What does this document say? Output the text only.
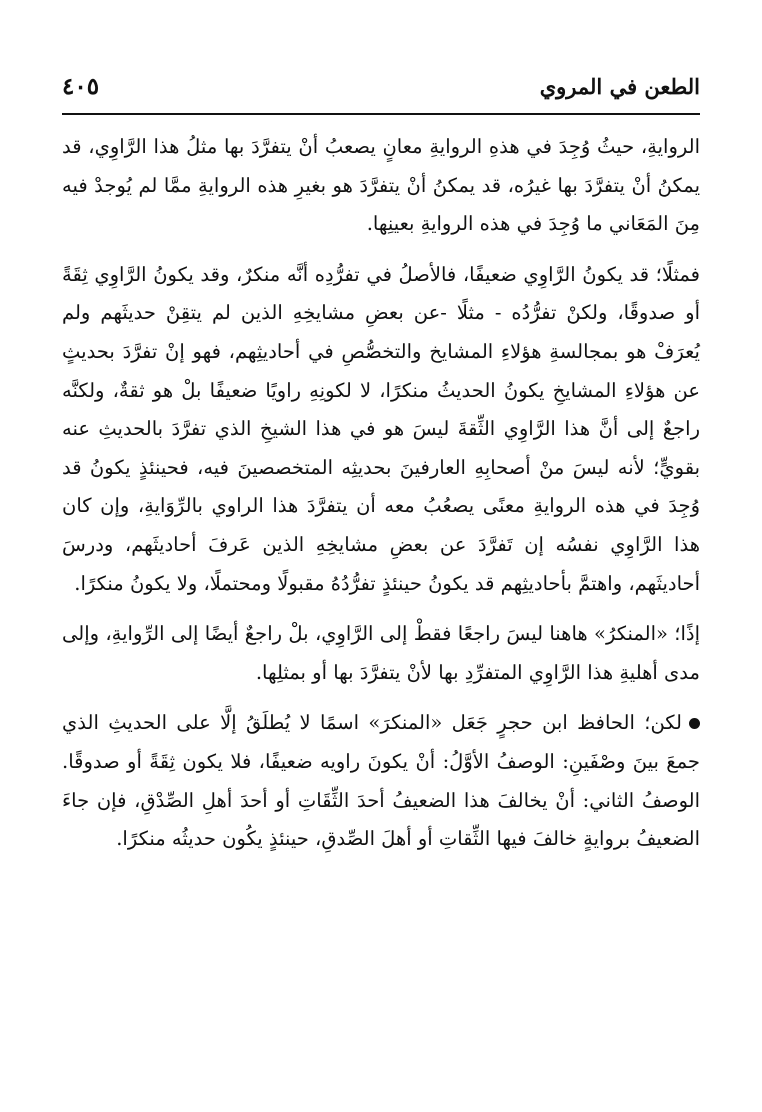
الطعن في المروي
٤٠٥

الروايةِ، حيثُ وُجِدَ في هذهِ الروايةِ معانٍ يصعبُ أنْ يتفرَّدَ بها مثلُ هذا الرَّاوِي، قد يمكنُ أنْ يتفرَّدَ بها غيرُه، قد يمكنُ أنْ يتفرَّدَ هو بغيرِ هذه الروايةِ ممَّا لم يُوجدْ فيه مِنَ المَعَاني ما وُجِدَ في هذه الروايةِ بعينِها.

فمثلًا؛ قد يكونُ الرَّاوِي ضعيفًا، فالأصلُ في تفرُّدِه أنَّه منكرٌ، وقد يكونُ الرَّاوِي ثِقَةً أو صدوقًا، ولكنْ تفرُّدُه - مثلًا -عن بعضِ مشايخِهِ الذين لم يتقِنْ حديثَهم ولم يُعرَفْ هو بمجالسةِ هؤلاءِ المشايخ والتخصُّصِ في أحاديثِهم، فهو إنْ تفرَّدَ بحديثٍ عن هؤلاءِ المشايخِ يكونُ الحديثُ منكرًا، لا لكونِهِ راويًا ضعيفًا بلْ هو ثقةٌ، ولكنَّه راجعٌ إلى أنَّ هذا الرَّاوِي الثِّقةَ ليسَ هو في هذا الشيخِ الذي تفرَّدَ بالحديثِ عنه بقويٍّ؛ لأنه ليسَ منْ أصحابِهِ العارفينَ بحديثِه المتخصصينَ فيه، فحينئذٍ يكونُ قد وُجِدَ في هذه الروايةِ معنًى يصعُبُ معه أن يتفرَّدَ هذا الراوي بالرِّوَايةِ، وإن كان هذا الرَّاوِي نفسُه إن تَفرَّدَ عن بعضِ مشايخِهِ الذين عَرفَ أحاديثَهم، ودرسَ أحاديثَهم، واهتمَّ بأحاديثِهم قد يكونُ حينئذٍ تفرُّدُهُ مقبولًا ومحتملًا، ولا يكونُ منكرًا.

إذًا؛ «المنكرُ» هاهنا ليسَ راجعًا فقطْ إلى الرَّاوِي، بلْ راجعٌ أيضًا إلى الرِّوايةِ، وإلى مدى أهليةِ هذا الرَّاوِي المتفرِّدِ بها لأنْ يتفرَّدَ بها أو بمثلِها.

لكن؛ الحافظ ابن حجرٍ جَعَل «المنكرَ» اسمًا لا يُطلَقُ إلَّا على الحديثِ الذي جمعَ بينَ وصْفَينِ: الوصفُ الأوَّلُ: أنْ يكونَ راويه ضعيفًا، فلا يكون ثِقَةً أو صدوقًا. الوصفُ الثاني: أنْ يخالفَ هذا الضعيفُ أحدَ الثِّقَاتِ أو أحدَ أهلِ الصِّدْقِ، فإن جاءَ الضعيفُ بروايةٍ خالفَ فيها الثِّقاتِ أو أهلَ الصِّدقِ، حينئذٍ يكُون حديثُه منكرًا.
